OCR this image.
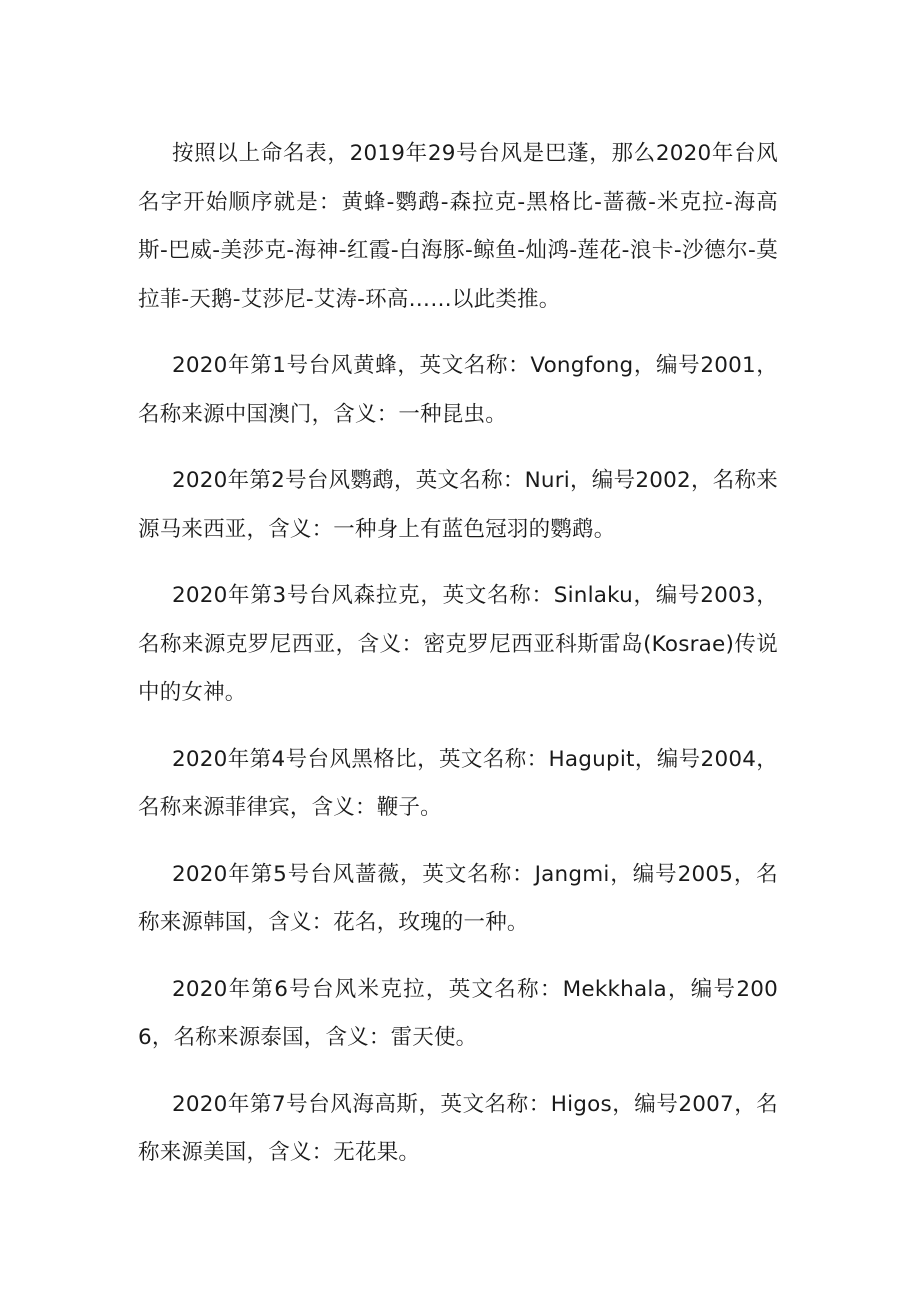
按照以上命名表，2019年29号台风是巴蓬，那么2020年台风名字开始顺序就是：黄蜂-鹦鹉-森拉克-黑格比-蔷薇-米克拉-海高斯-巴威-美莎克-海神-红霞-白海豚-鲸鱼-灿鸿-莲花-浪卡-沙德尔-莫拉菲-天鹅-艾莎尼-艾涛-环高……以此类推。

2020年第1号台风黄蜂，英文名称：Vongfong，编号2001，名称来源中国澳门，含义：一种昆虫。

2020年第2号台风鹦鹉，英文名称：Nuri，编号2002，名称来源马来西亚，含义：一种身上有蓝色冠羽的鹦鹉。

2020年第3号台风森拉克，英文名称：Sinlaku，编号2003，名称来源克罗尼西亚，含义：密克罗尼西亚科斯雷岛(Kosrae)传说中的女神。

2020年第4号台风黑格比，英文名称：Hagupit，编号2004，名称来源菲律宾，含义：鞭子。

2020年第5号台风蔷薇，英文名称：Jangmi，编号2005，名称来源韩国，含义：花名，玫瑰的一种。

2020年第6号台风米克拉，英文名称：Mekkhala，编号2006，名称来源泰国，含义：雷天使。

2020年第7号台风海高斯，英文名称：Higos，编号2007，名称来源美国，含义：无花果。
